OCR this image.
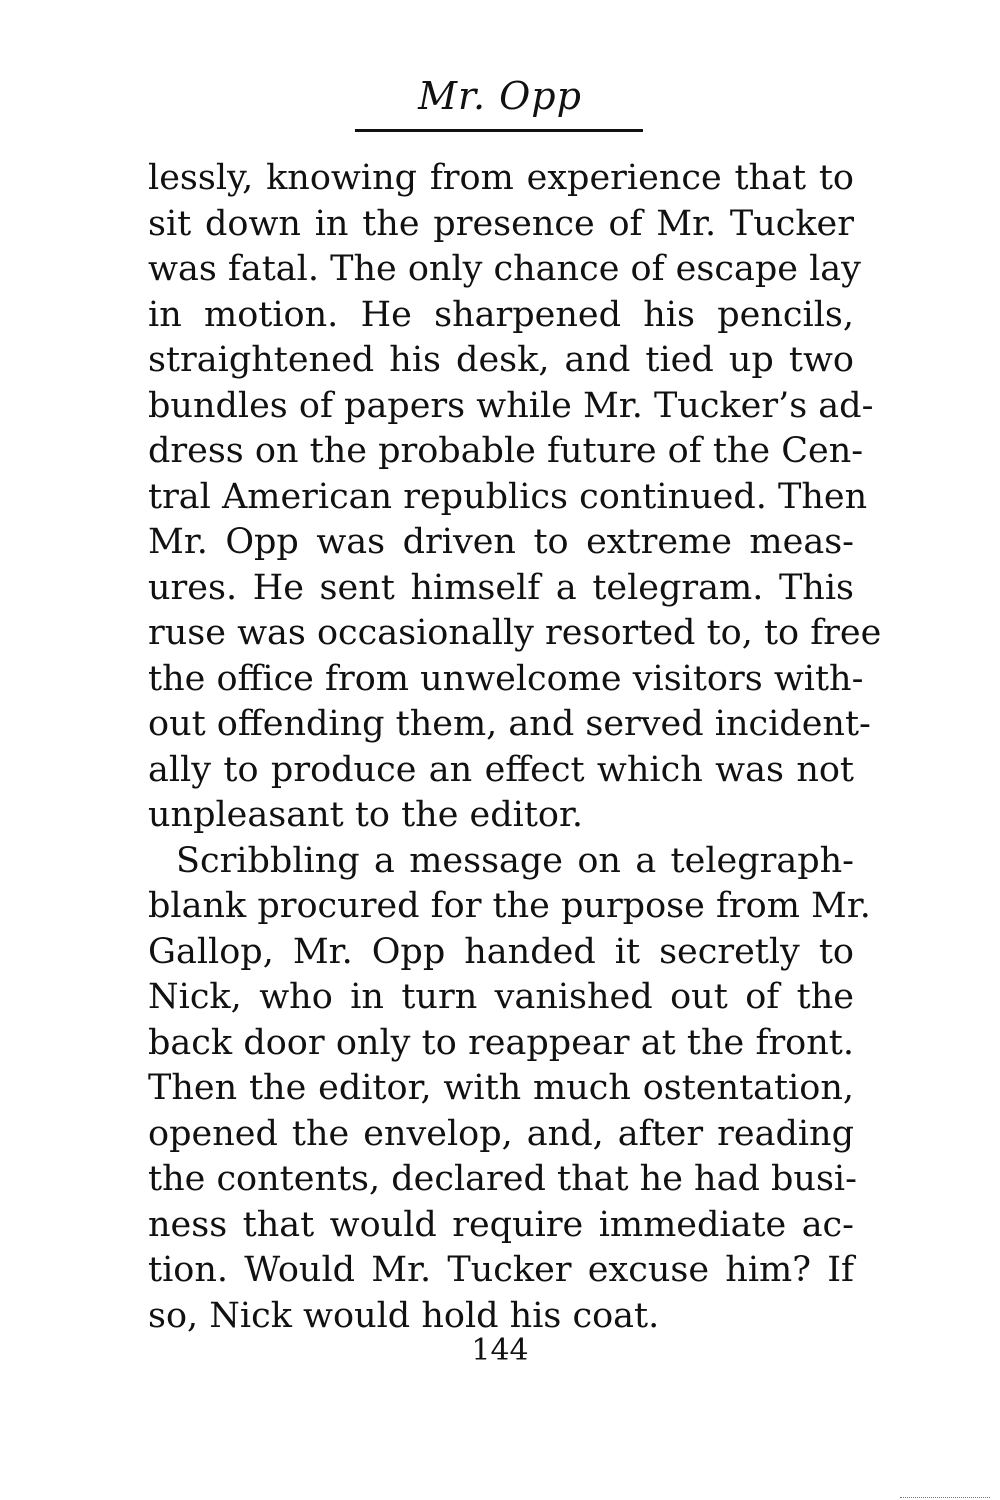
Mr. Opp
lessly, knowing from experience that to
sit down in the presence of Mr. Tucker
was fatal. The only chance of escape lay
in motion. He sharpened his pencils,
straightened his desk, and tied up two
bundles of papers while Mr. Tucker’s ad-
dress on the probable future of the Cen-
tral American republics continued. Then
Mr. Opp was driven to extreme meas-
ures. He sent himself a telegram. This
ruse was occasionally resorted to, to free
the office from unwelcome visitors with-
out offending them, and served incident-
ally to produce an effect which was not
unpleasant to the editor.
Scribbling a message on a telegraph-
blank procured for the purpose from Mr.
Gallop, Mr. Opp handed it secretly to
Nick, who in turn vanished out of the
back door only to reappear at the front.
Then the editor, with much ostentation,
opened the envelop, and, after reading
the contents, declared that he had busi-
ness that would require immediate ac-
tion. Would Mr. Tucker excuse him? If
so, Nick would hold his coat.
144
